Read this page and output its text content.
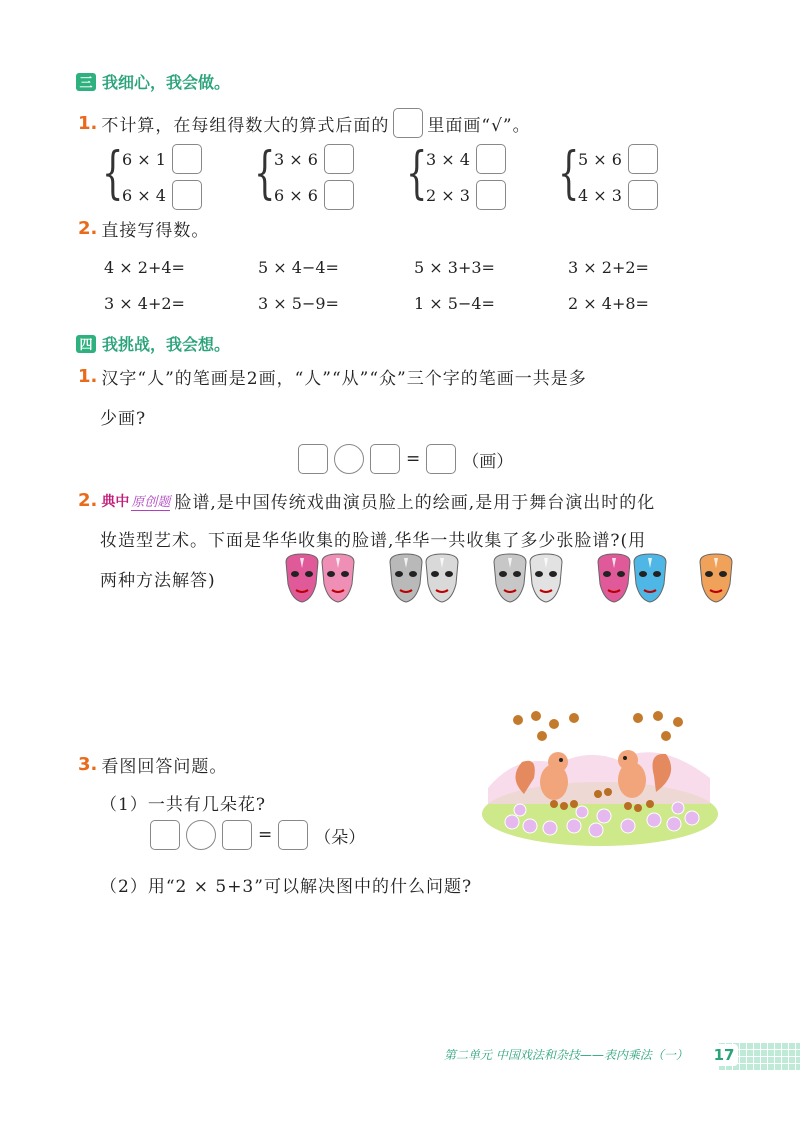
三 我细心，我会做。
1. 不计算，在每组得数大的算式后面的 里面画“√”。
{
6 × 1
6 × 4 {
3 × 6
6 × 6 {
3 × 4
2 × 3 {
5 × 6
4 × 3
2. 直接写得数。
4 × 2+4=	5 × 4−4=	5 × 3+3=	3 × 2+2=
3 × 4+2=	3 × 5−9=	1 × 5−4=	2 × 4+8=
四 我挑战，我会想。
1. 汉字“人”的笔画是2画，“人”“从”“众”三个字的笔画一共是多
少画?
= （画）
2. 典中 原创题 脸谱,是中国传统戏曲演员脸上的绘画,是用于舞台演出时的化
妆造型艺术。下面是华华收集的脸谱,华华一共收集了多少张脸谱?(用
两种方法解答)
3. 看图回答问题。
（1）一共有几朵花?
= （朵）
（2）用“2 × 5+3”可以解决图中的什么问题?
第二单元 中国戏法和杂技——表内乘法（一） 17
